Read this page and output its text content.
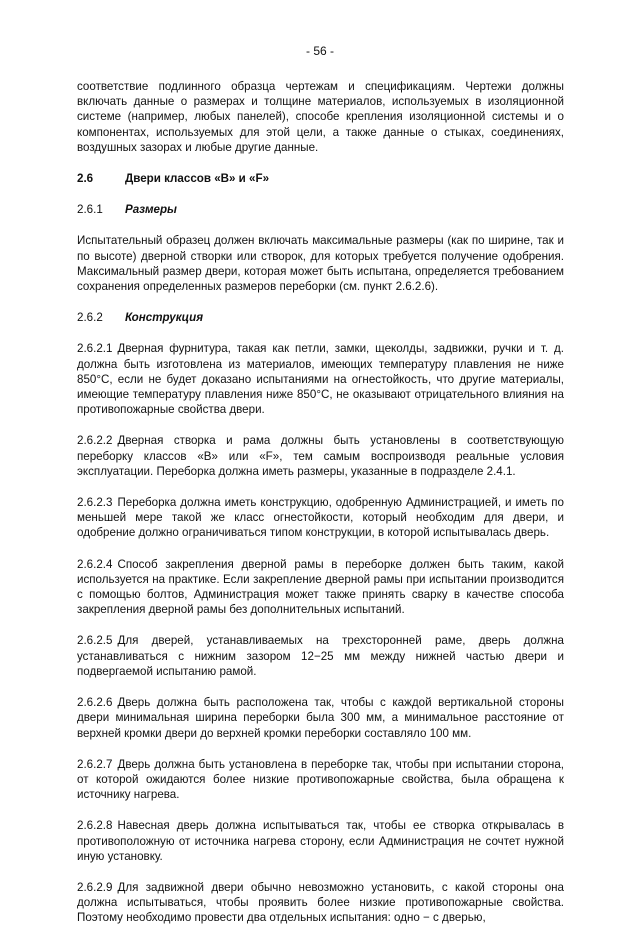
- 56 -

соответствие подлинного образца чертежам и спецификациям. Чертежи должны включать данные о размерах и толщине материалов, используемых в изоляционной системе (например, любых панелей), способе крепления изоляционной системы и о компонентах, используемых для этой цели, а также данные о стыках, соединениях, воздушных зазорах и любые другие данные.

2.6	Двери классов «B» и «F»
2.6.1	Размеры

Испытательный образец должен включать максимальные размеры (как по ширине, так и по высоте) дверной створки или створок, для которых требуется получение одобрения. Максимальный размер двери, которая может быть испытана, определяется требованием сохранения определенных размеров переборки (см. пункт 2.6.2.6).

2.6.2	Конструкция

2.6.2.1 Дверная фурнитура, такая как петли, замки, щеколды, задвижки, ручки и т. д. должна быть изготовлена из материалов, имеющих температуру плавления не ниже 850°C, если не будет доказано испытаниями на огнестойкость, что другие материалы, имеющие температуру плавления ниже 850°C, не оказывают отрицательного влияния на противопожарные свойства двери.

2.6.2.2 Дверная створка и рама должны быть установлены в соответствующую переборку классов «B» или «F», тем самым воспроизводя реальные условия эксплуатации. Переборка должна иметь размеры, указанные в подразделе 2.4.1.

2.6.2.3 Переборка должна иметь конструкцию, одобренную Администрацией, и иметь по меньшей мере такой же класс огнестойкости, который необходим для двери, и одобрение должно ограничиваться типом конструкции, в которой испытывалась дверь.

2.6.2.4 Способ закрепления дверной рамы в переборке должен быть таким, какой используется на практике. Если закрепление дверной рамы при испытании производится с помощью болтов, Администрация может также принять сварку в качестве способа закрепления дверной рамы без дополнительных испытаний.

2.6.2.5 Для дверей, устанавливаемых на трехсторонней раме, дверь должна устанавливаться с нижним зазором 12−25 мм между нижней частью двери и подвергаемой испытанию рамой.

2.6.2.6 Дверь должна быть расположена так, чтобы с каждой вертикальной стороны двери минимальная ширина переборки была 300 мм, а минимальное расстояние от верхней кромки двери до верхней кромки переборки составляло 100 мм.

2.6.2.7 Дверь должна быть установлена в переборке так, чтобы при испытании сторона, от которой ожидаются более низкие противопожарные свойства, была обращена к источнику нагрева.

2.6.2.8 Навесная дверь должна испытываться так, чтобы ее створка открывалась в противоположную от источника нагрева сторону, если Администрация не сочтет нужной иную установку.

2.6.2.9 Для задвижной двери обычно невозможно установить, с какой стороны она должна испытываться, чтобы проявить более низкие противопожарные свойства. Поэтому необходимо провести два отдельных испытания: одно − с дверью,
